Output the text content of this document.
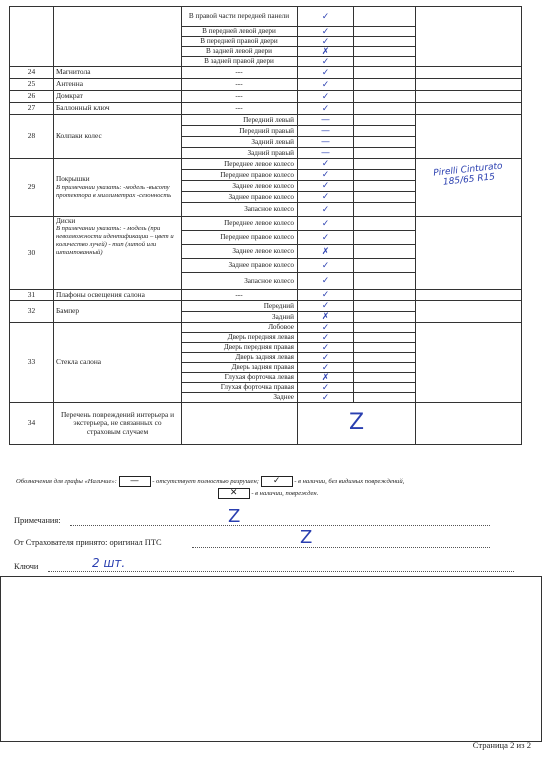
		В правой части передней панели	✓		
		В передней левой двери	✓		
		В передней правой двери	✓		
		В задней левой двери	✗		
		В задней правой двери	✓		
24	Магнитола	---	✓		
25	Антенна	---	✓		
26	Домкрат	---	✓		
27	Баллонный ключ	---	✓		
28	Колпаки колес	Передний левый	—		
		Передний правый	—		
		Задний левый	—		
		Задний правый	—		
29	Покрышки
В примечании указать: -модель -высоту протектора в миллиметрах -сезонность	Переднее левое колесо	✓		Pirelli Cinturato 185/65 R15
		Переднее правое колесо	✓		
		Заднее левое колесо	✓		
		Заднее правое колесо	✓		
		Запасное колесо	✓		
30	Диски
В примечании указать: - модель (при невозможности идентификации – цвет и количество лучей) - тип (литой или штампованный)	Переднее левое колесо	✓		
		Переднее правое колесо	✓		
		Заднее левое колесо	✗		
		Заднее правое колесо	✓		
		Запасное колесо	✓		
31	Плафоны освещения салона	---	✓		
32	Бампер	Передний	✓		
		Задний	✗		
33	Стекла салона	Лобовое	✓		
		Дверь передняя левая	✓		
		Дверь передняя правая	✓		
		Дверь задняя левая	✓		
		Дверь задняя правая	✓		
		Глухая форточка левая	✗		
		Глухая форточка правая	✓		
		Заднее	✓		
34	Перечень повреждений интерьера и экстерьера, не связанных со страховым случаем		Z		
Обозначения для графы «Наличие»: — - отсутствует полностью разрушен; ✓ - в наличии, без видимых повреждений,
✕ - в наличии, поврежден.
Примечания:	Z
От Страхователя принято: оригинал ПТС	Z
Ключи	2 шт.
Страница 2 из 2
